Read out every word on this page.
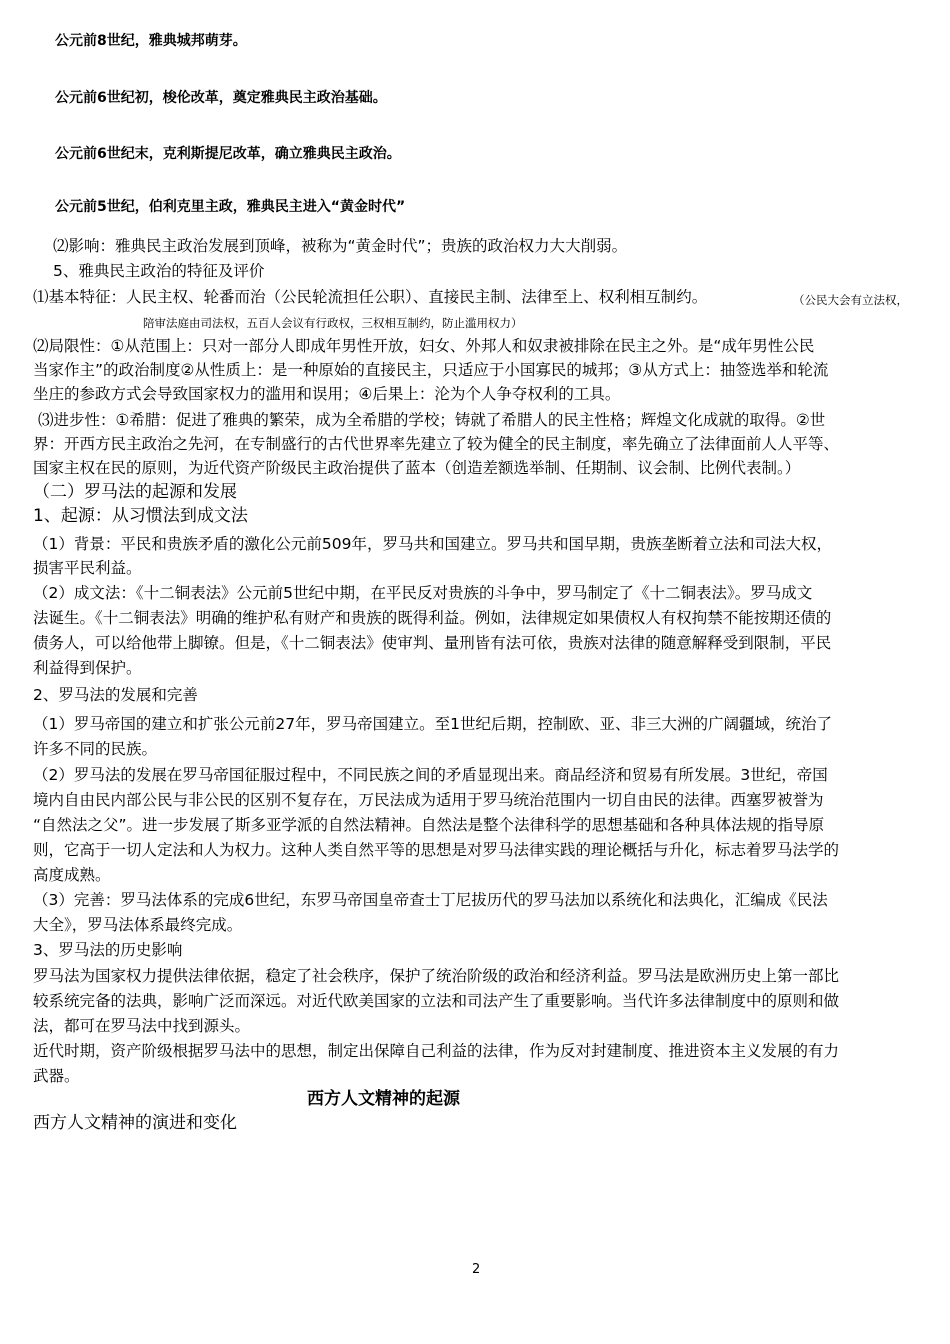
公元前8世纪，雅典城邦萌芽。
公元前6世纪初，梭伦改革，奠定雅典民主政治基础。
公元前6世纪末，克利斯提尼改革，确立雅典民主政治。
公元前5世纪，伯利克里主政，雅典民主进入“黄金时代”
⑵影响：雅典民主政治发展到顶峰，被称为“黄金时代”；贵族的政治权力大大削弱。
5、雅典民主政治的特征及评价
⑴基本特征：人民主权、轮番而治（公民轮流担任公职）、直接民主制、法律至上、权利相互制约。	（公民大会有立法权，
陪审法庭由司法权，五百人会议有行政权，三权相互制约，防止滥用权力）
⑵局限性：①从范围上：只对一部分人即成年男性开放，妇女、外邦人和奴隶被排除在民主之外。是“成年男性公民
当家作主”的政治制度②从性质上：是一种原始的直接民主，只适应于小国寡民的城邦；③从方式上：抽签选举和轮流
坐庄的参政方式会导致国家权力的滥用和误用；④后果上：沦为个人争夺权利的工具。
⑶进步性：①希腊：促进了雅典的繁荣，成为全希腊的学校；铸就了希腊人的民主性格；辉煌文化成就的取得。②世
界：开西方民主政治之先河，在专制盛行的古代世界率先建立了较为健全的民主制度，率先确立了法律面前人人平等、
国家主权在民的原则，为近代资产阶级民主政治提供了蓝本（创造差额选举制、任期制、议会制、比例代表制。）
（二）罗马法的起源和发展
1、起源：从习惯法到成文法
（1）背景：平民和贵族矛盾的激化公元前509年，罗马共和国建立。罗马共和国早期，贵族垄断着立法和司法大权，
损害平民利益。
（2）成文法：《十二铜表法》公元前5世纪中期，在平民反对贵族的斗争中，罗马制定了《十二铜表法》。罗马成文
法诞生。《十二铜表法》明确的维护私有财产和贵族的既得利益。例如，法律规定如果债权人有权拘禁不能按期还债的
债务人，可以给他带上脚镣。但是，《十二铜表法》使审判、量刑皆有法可依，贵族对法律的随意解释受到限制，平民
利益得到保护。
2、罗马法的发展和完善
（1）罗马帝国的建立和扩张公元前27年，罗马帝国建立。至1世纪后期，控制欧、亚、非三大洲的广阔疆域，统治了
许多不同的民族。
（2）罗马法的发展在罗马帝国征服过程中，不同民族之间的矛盾显现出来。商品经济和贸易有所发展。3世纪，帝国
境内自由民内部公民与非公民的区别不复存在，万民法成为适用于罗马统治范围内一切自由民的法律。西塞罗被誉为
“自然法之父”。进一步发展了斯多亚学派的自然法精神。自然法是整个法律科学的思想基础和各种具体法规的指导原
则，它高于一切人定法和人为权力。这种人类自然平等的思想是对罗马法律实践的理论概括与升化，标志着罗马法学的
高度成熟。
（3）完善：罗马法体系的完成6世纪，东罗马帝国皇帝查士丁尼拔历代的罗马法加以系统化和法典化，汇编成《民法
大全》，罗马法体系最终完成。
3、罗马法的历史影响
罗马法为国家权力提供法律依据，稳定了社会秩序，保护了统治阶级的政治和经济利益。罗马法是欧洲历史上第一部比
较系统完备的法典，影响广泛而深远。对近代欧美国家的立法和司法产生了重要影响。当代许多法律制度中的原则和做
法，都可在罗马法中找到源头。
近代时期，资产阶级根据罗马法中的思想，制定出保障自己利益的法律，作为反对封建制度、推进资本主义发展的有力
武器。
西方人文精神的起源
西方人文精神的演进和变化
2
